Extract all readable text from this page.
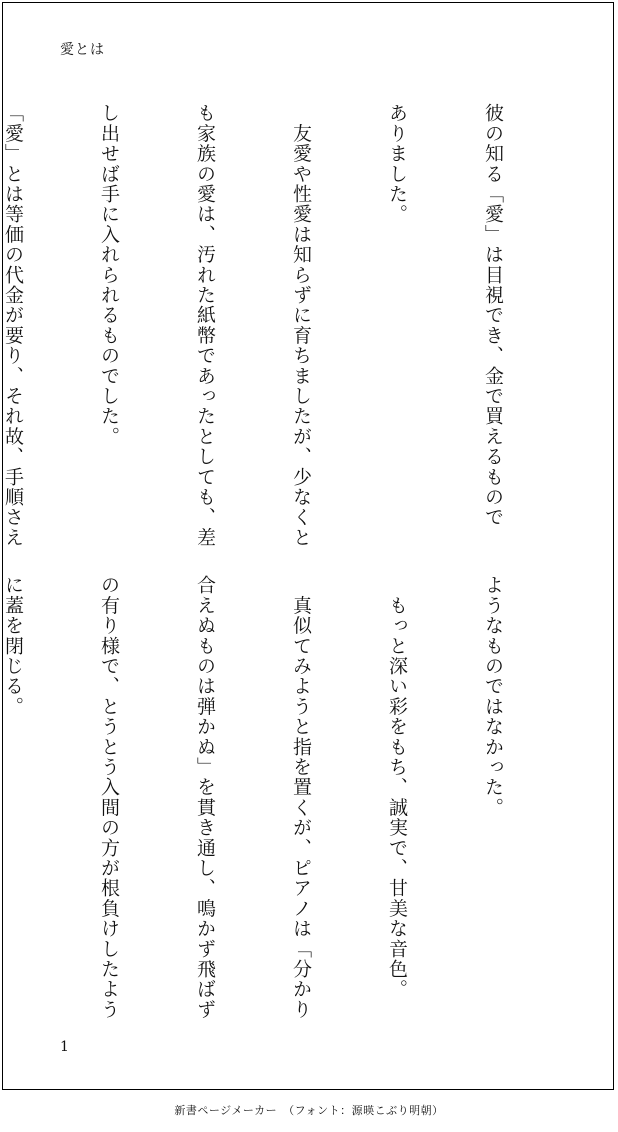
愛とは

彼の知る「愛」は目視でき、金で買えるもので

ありました。

　友愛や性愛は知らずに育ちましたが、少なくと

も家族の愛は、汚れた紙幣であったとしても、差

し出せば手に入れられるものでした。

「愛」とは等価の代金が要り、それ故、手順さえ

ようなものではなかった。

　もっと深い彩をもち、誠実で、甘美な音色。

　真似てみようと指を置くが、ピアノは「分かり

合えぬものは弾かぬ」を貫き通し、鳴かず飛ばず

の有り様で、とうとう入間の方が根負けしたよう

に蓋を閉じる。

1
新書ページメーカー　（フォント：源暎こぶり明朝）
